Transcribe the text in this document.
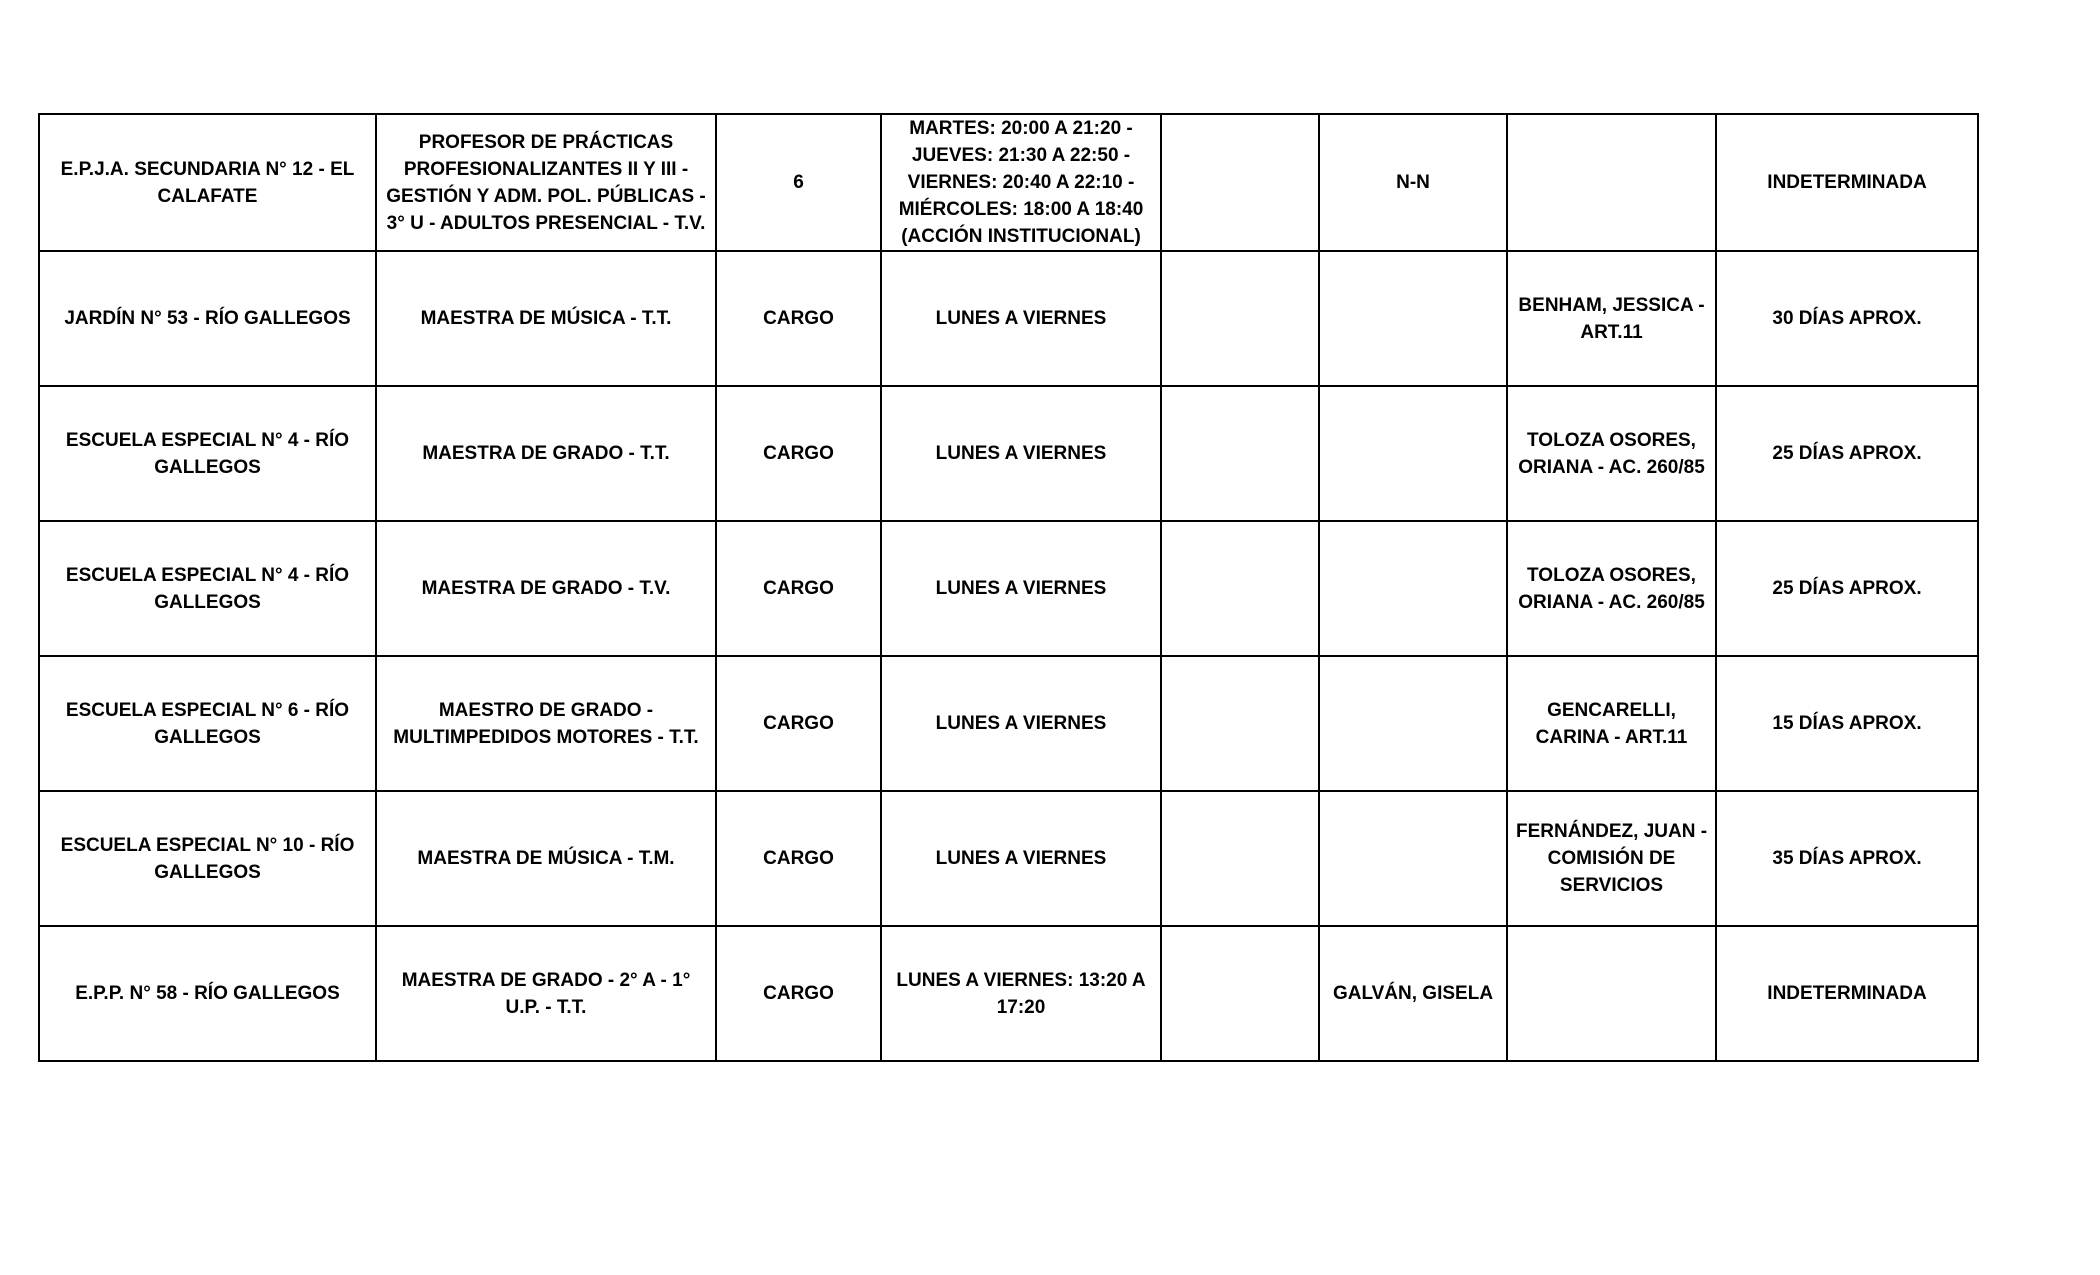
E.P.J.A. SECUNDARIA N° 12 - EL CALAFATE	PROFESOR DE PRÁCTICAS PROFESIONALIZANTES II Y III - GESTIÓN Y ADM. POL. PÚBLICAS - 3° U - ADULTOS PRESENCIAL - T.V.	6	MARTES: 20:00 A 21:20 - JUEVES: 21:30 A 22:50 - VIERNES: 20:40 A 22:10 - MIÉRCOLES: 18:00 A 18:40 (ACCIÓN INSTITUCIONAL)		N-N		INDETERMINADA
JARDÍN N° 53 - RÍO GALLEGOS	MAESTRA DE MÚSICA - T.T.	CARGO	LUNES A VIERNES			BENHAM, JESSICA - ART.11	30 DÍAS APROX.
ESCUELA ESPECIAL N° 4 - RÍO GALLEGOS	MAESTRA DE GRADO - T.T.	CARGO	LUNES A VIERNES			TOLOZA OSORES, ORIANA - AC. 260/85	25 DÍAS APROX.
ESCUELA ESPECIAL N° 4 - RÍO GALLEGOS	MAESTRA DE GRADO - T.V.	CARGO	LUNES A VIERNES			TOLOZA OSORES, ORIANA - AC. 260/85	25 DÍAS APROX.
ESCUELA ESPECIAL N° 6 - RÍO GALLEGOS	MAESTRO DE GRADO - MULTIMPEDIDOS MOTORES - T.T.	CARGO	LUNES A VIERNES			GENCARELLI, CARINA - ART.11	15 DÍAS APROX.
ESCUELA ESPECIAL N° 10 - RÍO GALLEGOS	MAESTRA DE MÚSICA - T.M.	CARGO	LUNES A VIERNES			FERNÁNDEZ, JUAN - COMISIÓN DE SERVICIOS	35 DÍAS APROX.
E.P.P. N° 58 - RÍO GALLEGOS	MAESTRA DE GRADO - 2° A - 1° U.P. - T.T.	CARGO	LUNES A VIERNES: 13:20 A 17:20		GALVÁN, GISELA		INDETERMINADA
